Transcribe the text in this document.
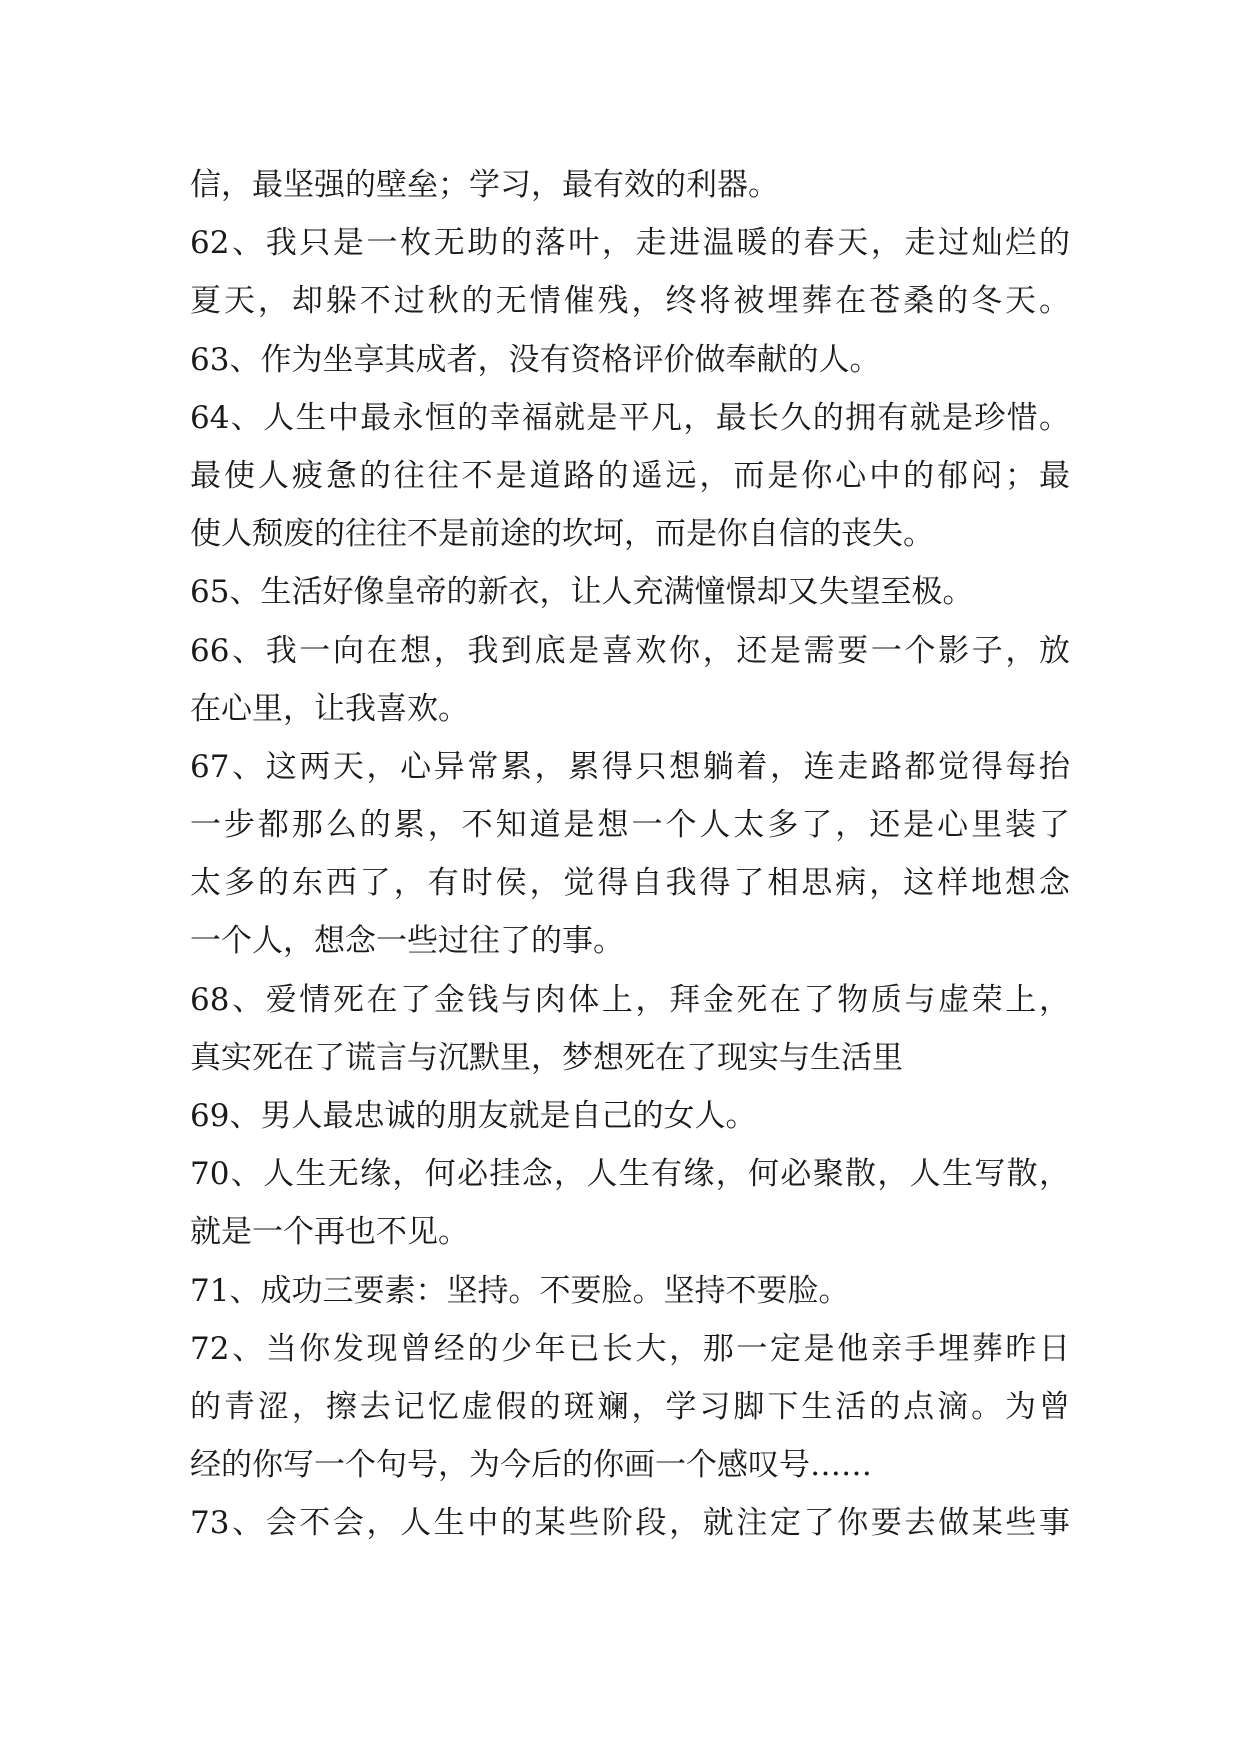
信，最坚强的壁垒；学习，最有效的利器。
62、我只是一枚无助的落叶，走进温暖的春天，走过灿烂的
夏天，却躲不过秋的无情催残，终将被埋葬在苍桑的冬天。
63、作为坐享其成者，没有资格评价做奉献的人。
64、人生中最永恒的幸福就是平凡，最长久的拥有就是珍惜。
最使人疲惫的往往不是道路的遥远，而是你心中的郁闷；最
使人颓废的往往不是前途的坎坷，而是你自信的丧失。
65、生活好像皇帝的新衣，让人充满憧憬却又失望至极。
66、我一向在想，我到底是喜欢你，还是需要一个影子，放
在心里，让我喜欢。
67、这两天，心异常累，累得只想躺着，连走路都觉得每抬
一步都那么的累，不知道是想一个人太多了，还是心里装了
太多的东西了，有时侯，觉得自我得了相思病，这样地想念
一个人，想念一些过往了的事。
68、爱情死在了金钱与肉体上，拜金死在了物质与虚荣上，
真实死在了谎言与沉默里，梦想死在了现实与生活里
69、男人最忠诚的朋友就是自己的女人。
70、人生无缘，何必挂念，人生有缘，何必聚散，人生写散，
就是一个再也不见。
71、成功三要素：坚持。不要脸。坚持不要脸。
72、当你发现曾经的少年已长大，那一定是他亲手埋葬昨日
的青涩，擦去记忆虚假的斑斓，学习脚下生活的点滴。为曾
经的你写一个句号，为今后的你画一个感叹号……
73、会不会，人生中的某些阶段，就注定了你要去做某些事
